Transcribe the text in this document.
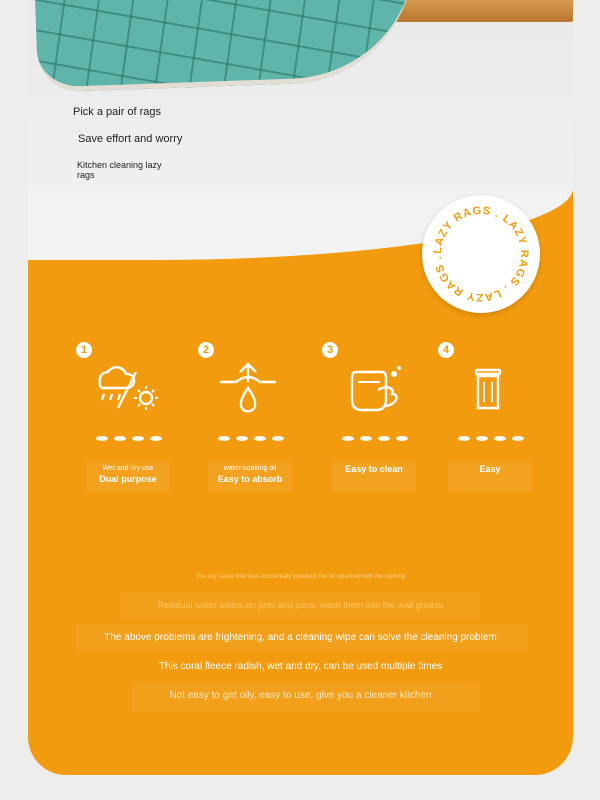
Pick a pair of rags
Save effort and worry
Kitchen cleaning lazy rags
LAZY RAGS . LAZY RAGS . LAZY RAGS .
1
Wet and dry use
Dual purpose
2
water-soaking oil
Easy to absorb
3
Easy to clean
4
Easy
The soy sauce that was accidentally knocked, the oil splashed with the cooking
Residual water stains on pots and pans, wash them into the wall grease
The above problems are frightening, and a cleaning wipe can solve the cleaning problem
This coral fleece radish, wet and dry, can be used multiple times
Not easy to get oily, easy to use, give you a cleaner kitchen
